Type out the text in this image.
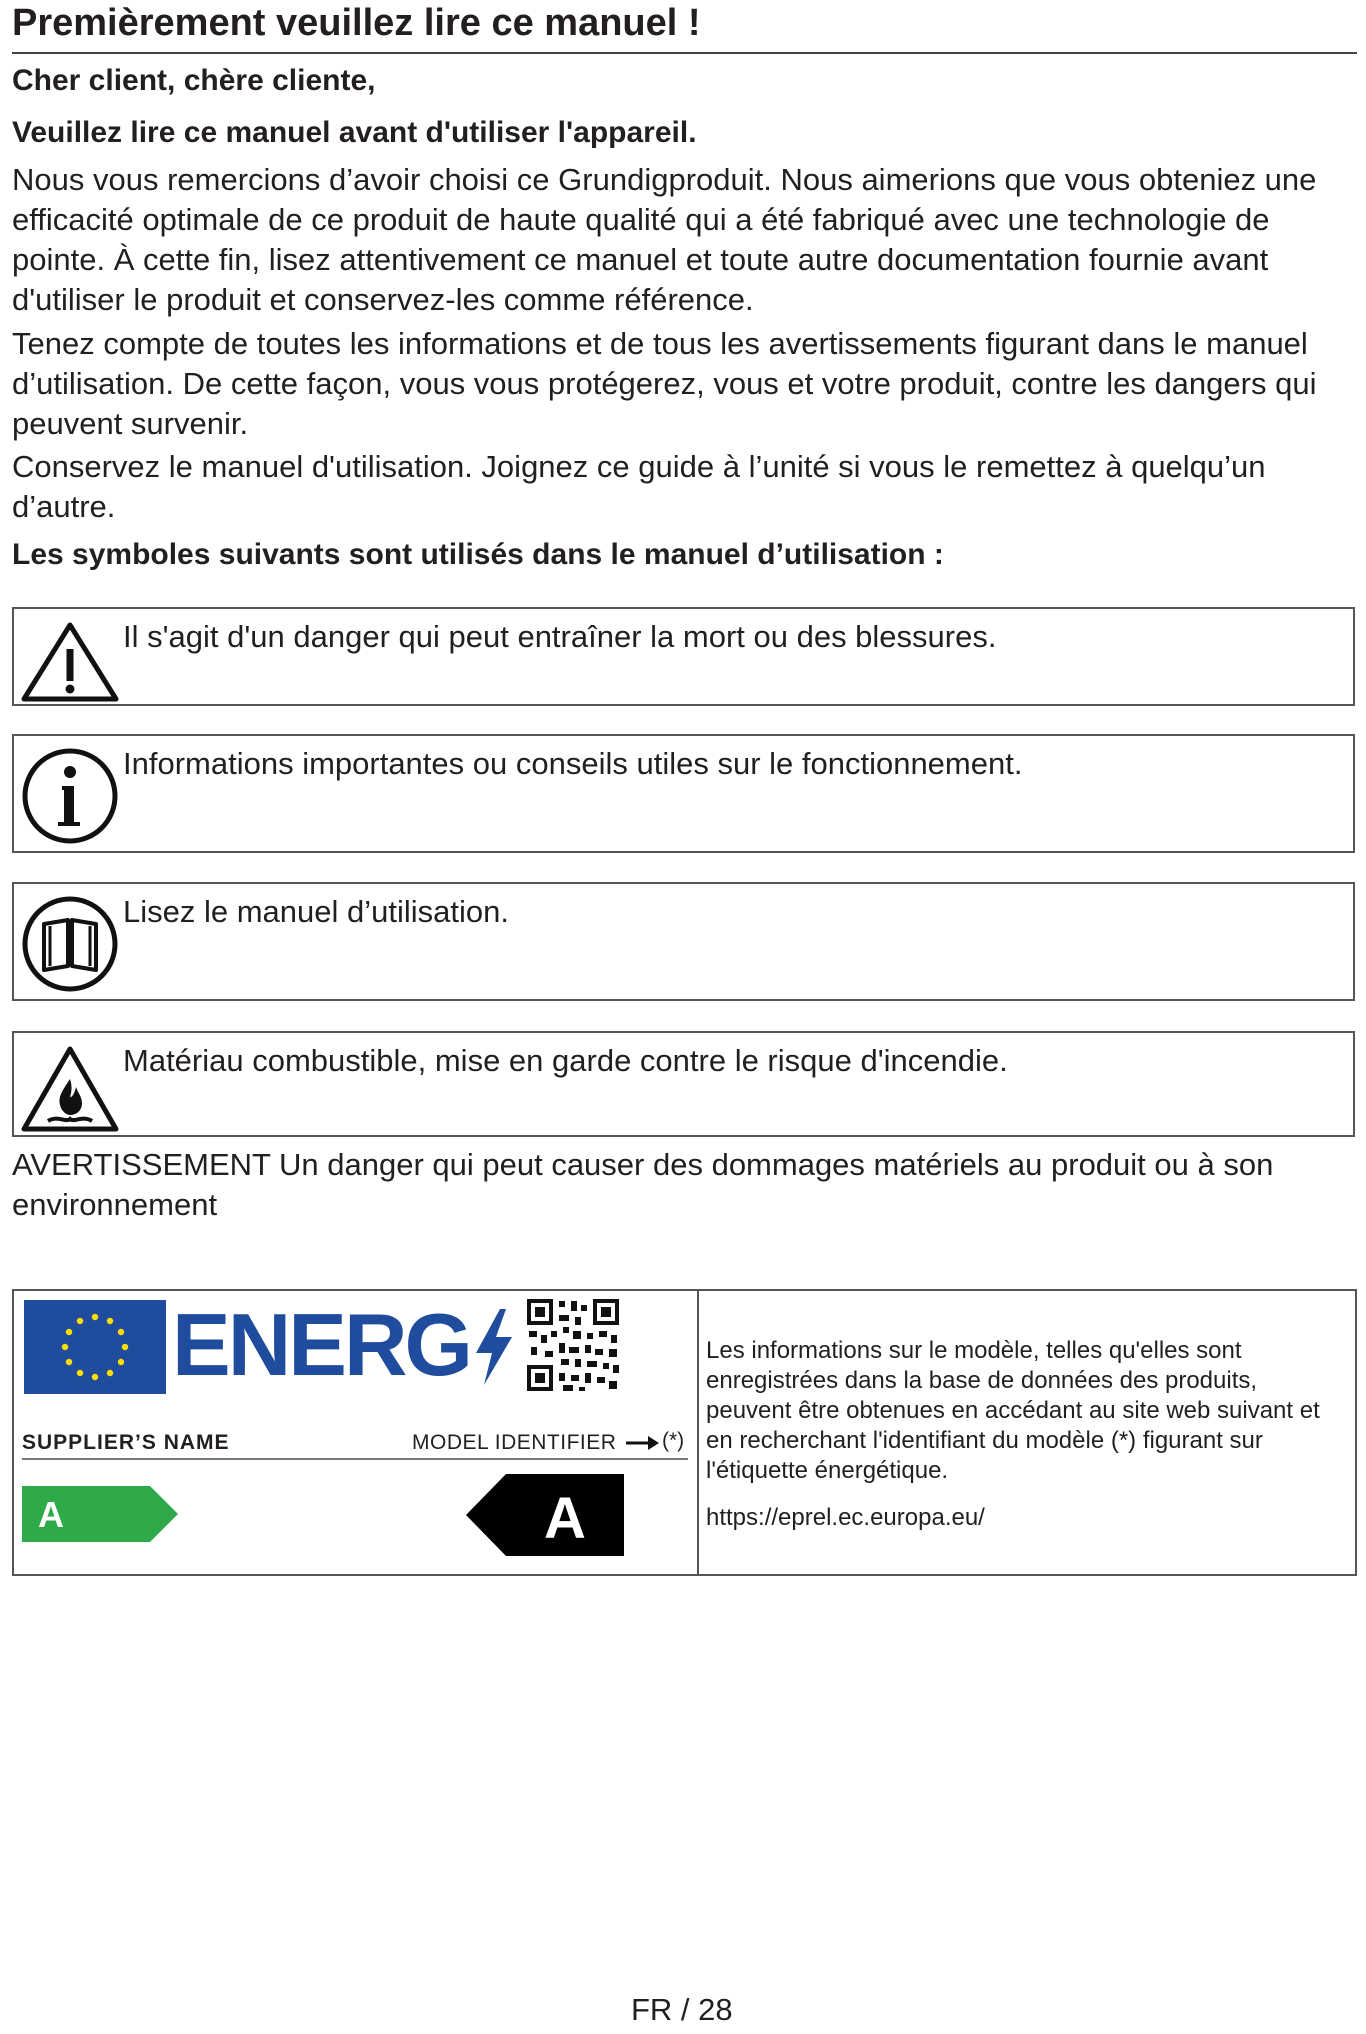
Premièrement veuillez lire ce manuel !

Cher client, chère cliente,

Veuillez lire ce manuel avant d'utiliser l'appareil.

Nous vous remercions d’avoir choisi ce Grundigproduit. Nous aimerions que vous obteniez une efficacité optimale de ce produit de haute qualité qui a été fabriqué avec une technologie de pointe. À cette fin, lisez attentivement ce manuel et toute autre documentation fournie avant d'utiliser le produit et conservez-les comme référence.

Tenez compte de toutes les informations et de tous les avertissements figurant dans le manuel d’utilisation. De cette façon, vous vous protégerez, vous et votre produit, contre les dangers qui peuvent survenir.

Conservez le manuel d'utilisation. Joignez ce guide à l’unité si vous le remettez à quelqu’un d’autre.

Les symboles suivants sont utilisés dans le manuel d’utilisation :

Il s'agit d'un danger qui peut entraîner la mort ou des blessures.
Informations importantes ou conseils utiles sur le fonctionnement.
Lisez le manuel d’utilisation.
Matériau combustible, mise en garde contre le risque d'incendie.

AVERTISSEMENT Un danger qui peut causer des dommages matériels au produit ou à son environnement

ENERG
SUPPLIER’S NAME	MODEL IDENTIFIER (*)
A	A

Les informations sur le modèle, telles qu'elles sont enregistrées dans la base de données des produits, peuvent être obtenues en accédant au site web suivant et en recherchant l'identifiant du modèle (*) figurant sur l'étiquette énergétique.

https://eprel.ec.europa.eu/

FR / 28
